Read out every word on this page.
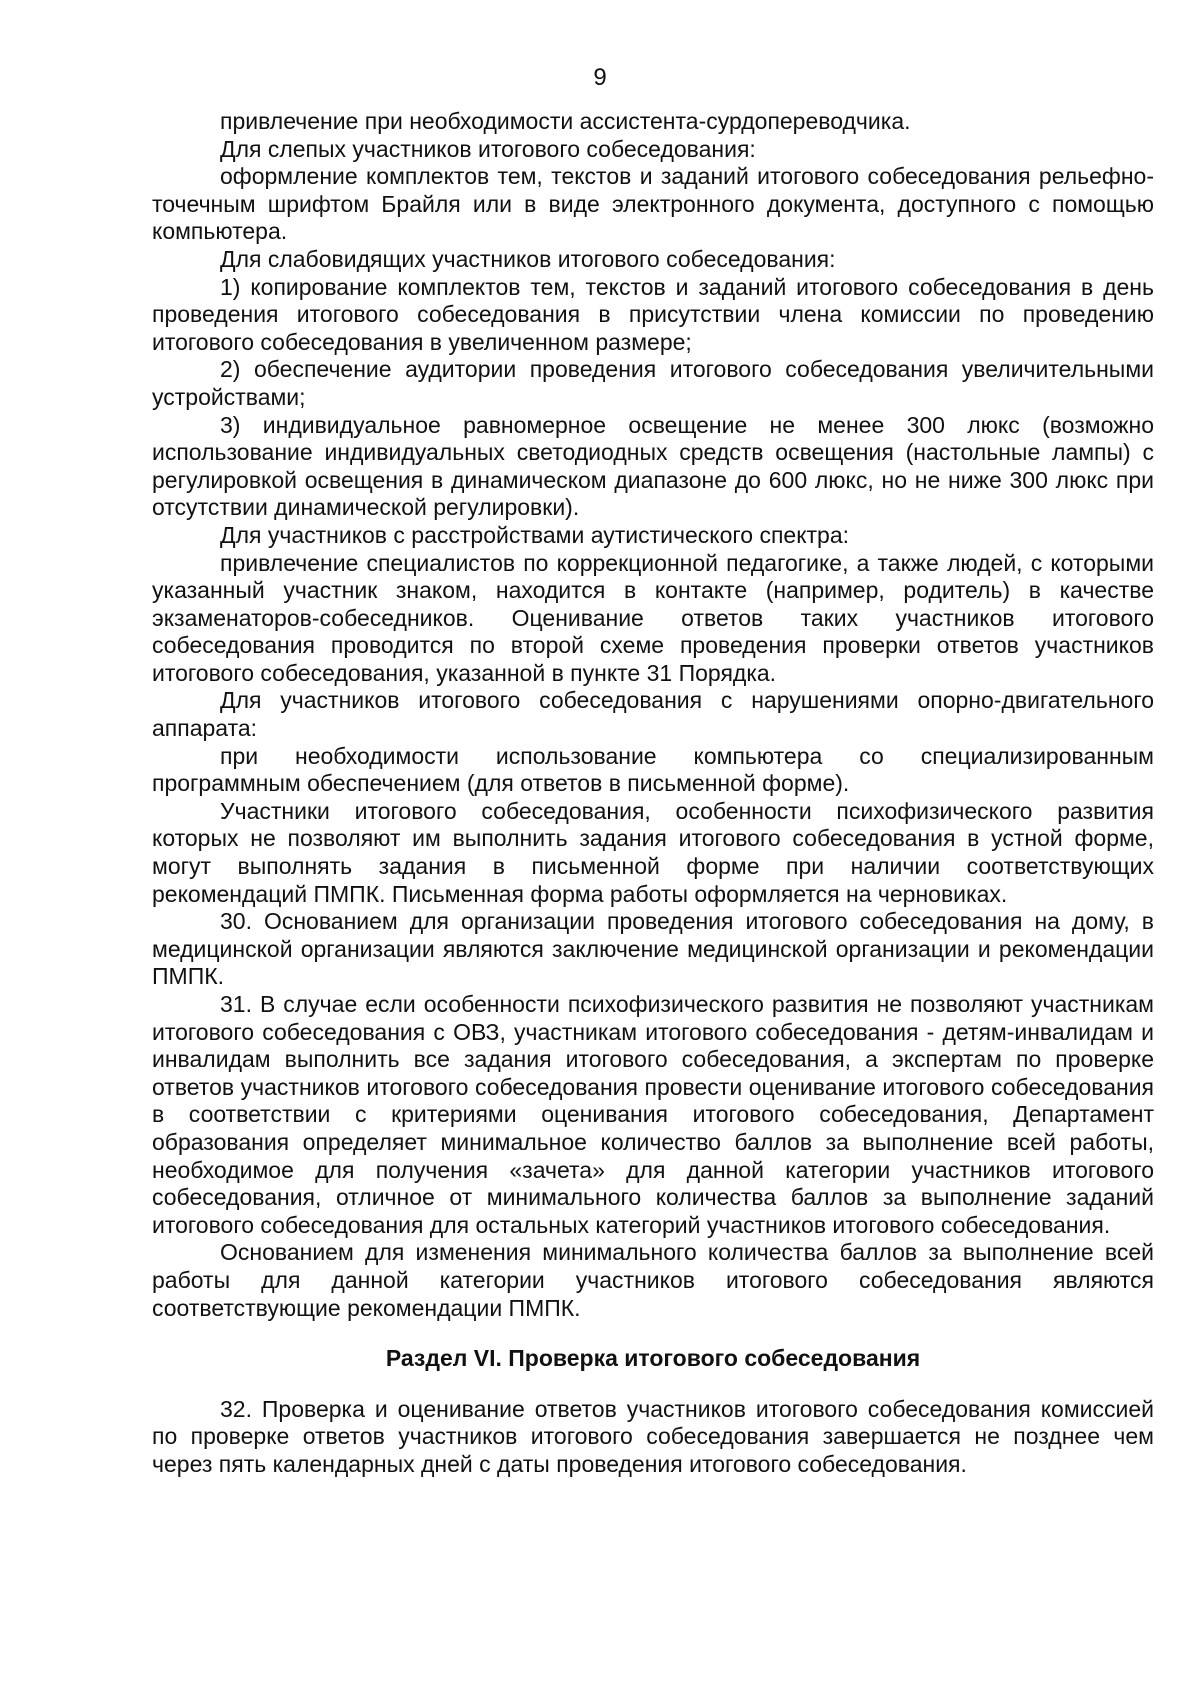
9

привлечение при необходимости ассистента-сурдопереводчика.

Для слепых участников итогового собеседования:

оформление комплектов тем, текстов и заданий итогового собеседования рельефно-точечным шрифтом Брайля или в виде электронного документа, доступного с помощью компьютера.

Для слабовидящих участников итогового собеседования:

1) копирование комплектов тем, текстов и заданий итогового собеседования в день проведения итогового собеседования в присутствии члена комиссии по проведению итогового собеседования в увеличенном размере;

2) обеспечение аудитории проведения итогового собеседования увеличительными устройствами;

3) индивидуальное равномерное освещение не менее 300 люкс (возможно использование индивидуальных светодиодных средств освещения (настольные лампы) с регулировкой освещения в динамическом диапазоне до 600 люкс, но не ниже 300 люкс при отсутствии динамической регулировки).

Для участников с расстройствами аутистического спектра:

привлечение специалистов по коррекционной педагогике, а также людей, с которыми указанный участник знаком, находится в контакте (например, родитель) в качестве экзаменаторов-собеседников. Оценивание ответов таких участников итогового собеседования проводится по второй схеме проведения проверки ответов участников итогового собеседования, указанной в пункте 31 Порядка.

Для участников итогового собеседования с нарушениями опорно-двигательного аппарата:

при необходимости использование компьютера со специализированным программным обеспечением (для ответов в письменной форме).

Участники итогового собеседования, особенности психофизического развития которых не позволяют им выполнить задания итогового собеседования в устной форме, могут выполнять задания в письменной форме при наличии соответствующих рекомендаций ПМПК. Письменная форма работы оформляется на черновиках.

30. Основанием для организации проведения итогового собеседования на дому, в медицинской организации являются заключение медицинской организации и рекомендации ПМПК.

31. В случае если особенности психофизического развития не позволяют участникам итогового собеседования с ОВЗ, участникам итогового собеседования - детям-инвалидам и инвалидам выполнить все задания итогового собеседования, а экспертам по проверке ответов участников итогового собеседования провести оценивание итогового собеседования в соответствии с критериями оценивания итогового собеседования, Департамент образования определяет минимальное количество баллов за выполнение всей работы, необходимое для получения «зачета» для данной категории участников итогового собеседования, отличное от минимального количества баллов за выполнение заданий итогового собеседования для остальных категорий участников итогового собеседования.

Основанием для изменения минимального количества баллов за выполнение всей работы для данной категории участников итогового собеседования являются соответствующие рекомендации ПМПК.

Раздел VI. Проверка итогового собеседования

32. Проверка и оценивание ответов участников итогового собеседования комиссией по проверке ответов участников итогового собеседования завершается не позднее чем через пять календарных дней с даты проведения итогового собеседования.
